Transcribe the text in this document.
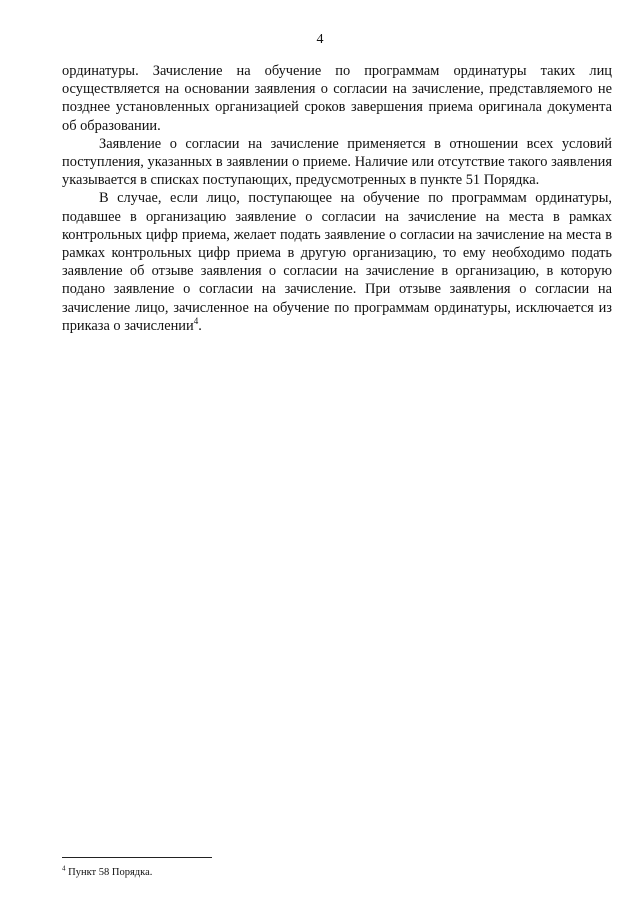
4

ординатуры. Зачисление на обучение по программам ординатуры таких лиц осуществляется на основании заявления о согласии на зачисление, представляемого не позднее установленных организацией сроков завершения приема оригинала документа об образовании.

Заявление о согласии на зачисление применяется в отношении всех условий поступления, указанных в заявлении о приеме. Наличие или отсутствие такого заявления указывается в списках поступающих, предусмотренных в пункте 51 Порядка.

В случае, если лицо, поступающее на обучение по программам ординатуры, подавшее в организацию заявление о согласии на зачисление на места в рамках контрольных цифр приема, желает подать заявление о согласии на зачисление на места в рамках контрольных цифр приема в другую организацию, то ему необходимо подать заявление об отзыве заявления о согласии на зачисление в организацию, в которую подано заявление о согласии на зачисление. При отзыве заявления о согласии на зачисление лицо, зачисленное на обучение по программам ординатуры, исключается из приказа о зачислении$^4$.

$^4$ Пункт 58 Порядка.
